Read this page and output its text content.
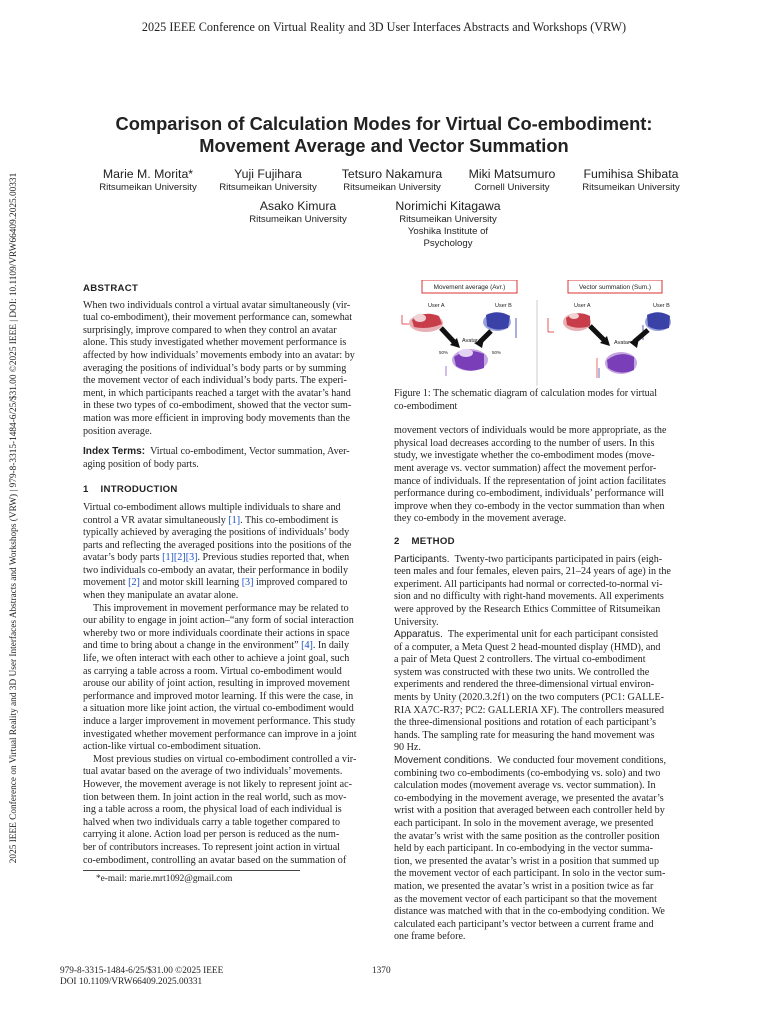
2025 IEEE Conference on Virtual Reality and 3D User Interfaces Abstracts and Workshops (VRW)
2025 IEEE Conference on Virtual Reality and 3D User Interfaces Abstracts and Workshops (VRW) | 979-8-3315-1484-6/25/$31.00 ©2025 IEEE | DOI: 10.1109/VRW66409.2025.00331
Comparison of Calculation Modes for Virtual Co-embodiment:
Movement Average and Vector Summation
Marie M. Morita*
Ritsumeikan University
Yuji Fujihara
Ritsumeikan University
Tetsuro Nakamura
Ritsumeikan University
Miki Matsumuro
Cornell University
Fumihisa Shibata
Ritsumeikan University
Asako Kimura
Ritsumeikan University
Norimichi Kitagawa
Ritsumeikan University
Yoshika Institute of
Psychology
ABSTRACT
When two individuals control a virtual avatar simultaneously (vir-
tual co-embodiment), their movement performance can, somewhat
surprisingly, improve compared to when they control an avatar
alone. This study investigated whether movement performance is
affected by how individuals’ movements embody into an avatar: by
averaging the positions of individual’s body parts or by summing
the movement vector of each individual’s body parts. The experi-
ment, in which participants reached a target with the avatar’s hand
in these two types of co-embodiment, showed that the vector sum-
mation was more efficient in improving body movements than the
position average.
Index Terms: Virtual co-embodiment, Vector summation, Aver-
aging position of body parts.
1 INTRODUCTION
Virtual co-embodiment allows multiple individuals to share and
control a VR avatar simultaneously [1]. This co-embodiment is
typically achieved by averaging the positions of individuals’ body
parts and reflecting the averaged positions into the positions of the
avatar’s body parts [1][2][3]. Previous studies reported that, when
two individuals co-embody an avatar, their performance in bodily
movement [2] and motor skill learning [3] improved compared to
when they manipulate an avatar alone.
This improvement in movement performance may be related to
our ability to engage in joint action–“any form of social interaction
whereby two or more individuals coordinate their actions in space
and time to bring about a change in the environment” [4]. In daily
life, we often interact with each other to achieve a joint goal, such
as carrying a table across a room. Virtual co-embodiment would
arouse our ability of joint action, resulting in improved movement
performance and improved motor learning. If this were the case, in
a situation more like joint action, the virtual co-embodiment would
induce a larger improvement in movement performance. This study
investigated whether movement performance can improve in a joint
action-like virtual co-embodiment situation.
Most previous studies on virtual co-embodiment controlled a vir-
tual avatar based on the average of two individuals’ movements.
However, the movement average is not likely to represent joint ac-
tion between them. In joint action in the real world, such as mov-
ing a table across a room, the physical load of each individual is
halved when two individuals carry a table together compared to
carrying it alone. Action load per person is reduced as the num-
ber of contributors increases. To represent joint action in virtual
co-embodiment, controlling an avatar based on the summation of
*e-mail: marie.mrt1092@gmail.com
Movement average (Avr.)	Vector summation (Sum.)
User A	User B
Avatar
50%	50%
User A	User B
Avatar
Figure 1: The schematic diagram of calculation modes for virtual
co-embodiment
movement vectors of individuals would be more appropriate, as the
physical load decreases according to the number of users. In this
study, we investigate whether the co-embodiment modes (move-
ment average vs. vector summation) affect the movement perfor-
mance of individuals. If the representation of joint action facilitates
performance during co-embodiment, individuals’ performance will
improve when they co-embody in the vector summation than when
they co-embody in the movement average.
2 METHOD
Participants. Twenty-two participants participated in pairs (eigh-
teen males and four females, eleven pairs, 21–24 years of age) in the
experiment. All participants had normal or corrected-to-normal vi-
sion and no difficulty with right-hand movements. All experiments
were approved by the Research Ethics Committee of Ritsumeikan
University.
Apparatus. The experimental unit for each participant consisted
of a computer, a Meta Quest 2 head-mounted display (HMD), and
a pair of Meta Quest 2 controllers. The virtual co-embodiment
system was constructed with these two units. We controlled the
experiments and rendered the three-dimensional virtual environ-
ments by Unity (2020.3.2f1) on the two computers (PC1: GALLE-
RIA XA7C-R37; PC2: GALLERIA XF). The controllers measured
the three-dimensional positions and rotation of each participant’s
hands. The sampling rate for measuring the hand movement was
90 Hz.
Movement conditions. We conducted four movement conditions,
combining two co-embodiments (co-embodying vs. solo) and two
calculation modes (movement average vs. vector summation). In
co-embodying in the movement average, we presented the avatar’s
wrist with a position that averaged between each controller held by
each participant. In solo in the movement average, we presented
the avatar’s wrist with the same position as the controller position
held by each participant. In co-embodying in the vector summa-
tion, we presented the avatar’s wrist in a position that summed up
the movement vector of each participant. In solo in the vector sum-
mation, we presented the avatar’s wrist in a position twice as far
as the movement vector of each participant so that the movement
distance was matched with that in the co-embodying condition. We
calculated each participant’s vector between a current frame and
one frame before.
979-8-3315-1484-6/25/$31.00 ©2025 IEEE
DOI 10.1109/VRW66409.2025.00331
1370
